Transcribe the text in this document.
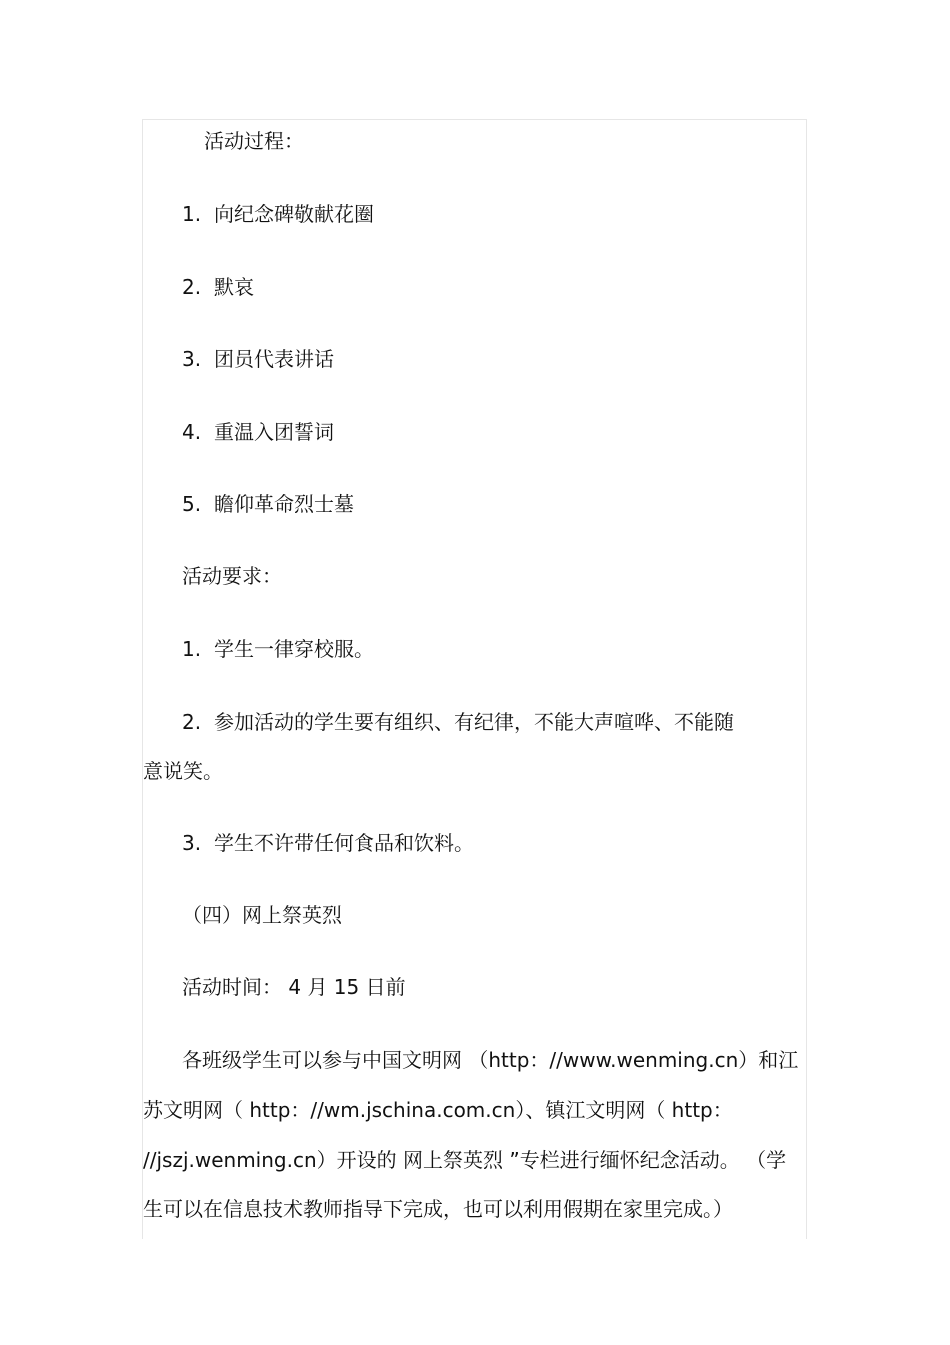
活动过程：
1. 向纪念碑敬献花圈
2. 默哀
3. 团员代表讲话
4. 重温入团誓词
5. 瞻仰革命烈士墓
活动要求：
1. 学生一律穿校服。
2. 参加活动的学生要有组织、有纪律，不能大声喧哗、不能随
意说笑。
3. 学生不许带任何食品和饮料。
（四）网上祭英烈
活动时间： 4 月 15 日前
各班级学生可以参与中国文明网 （http：//www.wenming.cn）和江
苏文明网（ http：//wm.jschina.com.cn）、镇江文明网（ http：
//jszj.wenming.cn）开设的 网上祭英烈 ”专栏进行缅怀纪念活动。 （学
生可以在信息技术教师指导下完成，也可以利用假期在家里完成。）
